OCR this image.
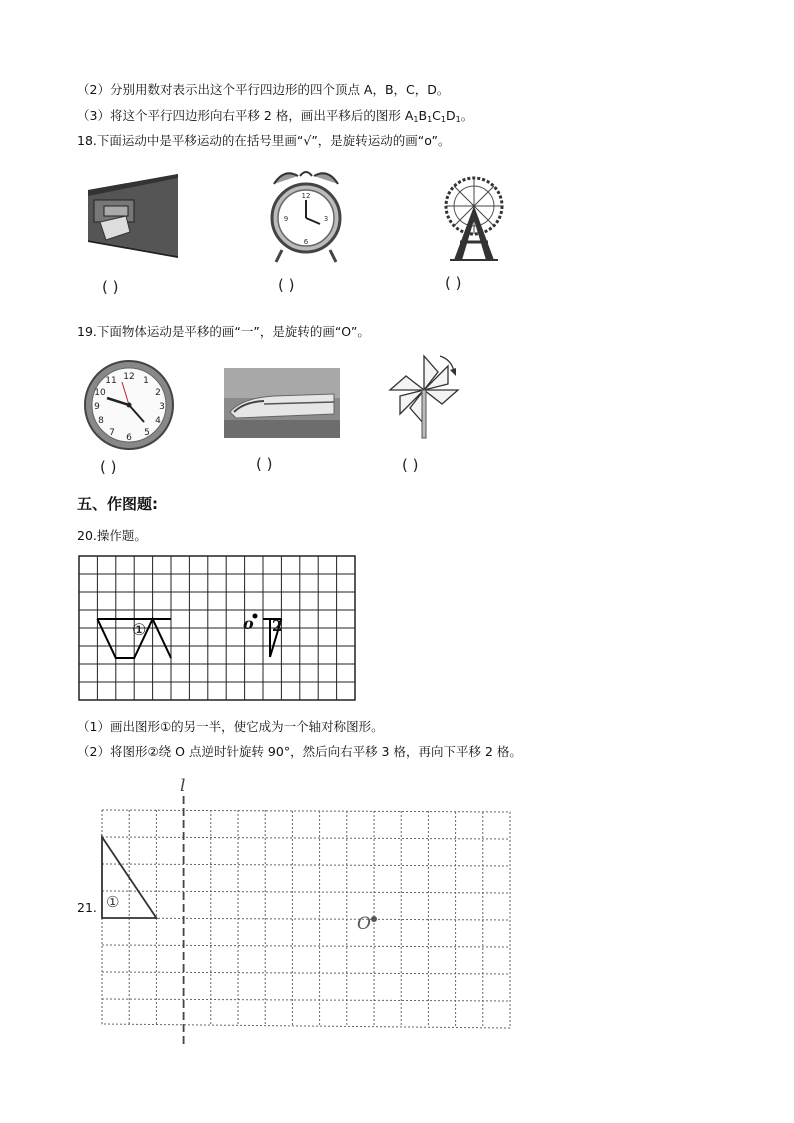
（2）分别用数对表示出这个平行四边形的四个顶点 A，B，C，D。
（3）将这个平行四边形向右平移 2 格，画出平移后的图形 A1B1C1D1。
18.下面运动中是平移运动的在括号里画“√”，是旋转运动的画“o”。
12
3
6
9
( )	( )	( )
19.下面物体运动是平移的画“一”，是旋转的画“O”。
12 1
2
3
4
5
6
7
8
9
10
11
( )	( )	( )
五、作图题:
20.操作题。
①	2
o
（1）画出图形①的另一半，使它成为一个轴对称图形。
（2）将图形②绕 O 点逆时针旋转 90°，然后向右平移 3 格，再向下平移 2 格。
l
①
O
21.
